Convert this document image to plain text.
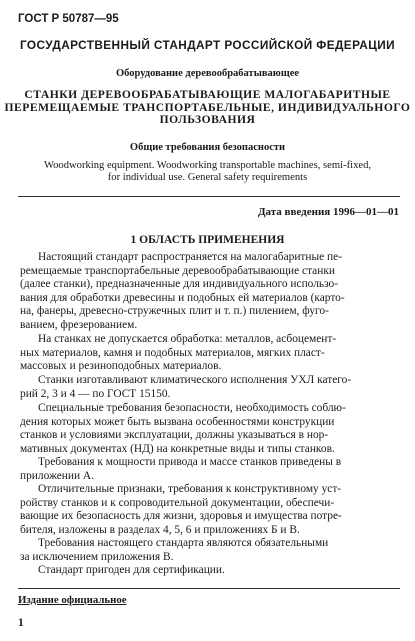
ГОСТ Р 50787—95
ГОСУДАРСТВЕННЫЙ СТАНДАРТ РОССИЙСКОЙ ФЕДЕРАЦИИ
Оборудование деревообрабатывающее
СТАНКИ ДЕРЕВООБРАБАТЫВАЮЩИЕ МАЛОГАБАРИТНЫЕ
ПЕРЕМЕЩАЕМЫЕ ТРАНСПОРТАБЕЛЬНЫЕ, ИНДИВИДУАЛЬНОГО
ПОЛЬЗОВАНИЯ
Общие требования безопасности
Woodworking equipment. Woodworking transportable machines, semi-fixed,
for individual use. General safety requirements
Дата введения 1996—01—01
1 ОБЛАСТЬ ПРИМЕНЕНИЯ
Настоящий стандарт распространяется на малогабаритные пе-
ремещаемые транспортабельные деревообрабатывающие станки
(далее станки), предназначенные для индивидуального использо-
вания для обработки древесины и подобных ей материалов (карто-
на, фанеры, древесно-стружечных плит и т. п.) пилением, фуго-
ванием, фрезерованием.
На станках не допускается обработка: металлов, асбоцемент-
ных материалов, камня и подобных материалов, мягких пласт-
массовых и резиноподобных материалов.
Станки изготавливают климатического исполнения УХЛ катего-
рий 2, 3 и 4 — по ГОСТ 15150.
Специальные требования безопасности, необходимость соблю-
дения которых может быть вызвана особенностями конструкции
станков и условиями эксплуатации, должны указываться в нор-
мативных документах (НД) на конкретные виды и типы станков.
Требования к мощности привода и массе станков приведены в
приложении А.
Отличительные признаки, требования к конструктивному уст-
ройству станков и к сопроводительной документации, обеспечи-
вающие их безопасность для жизни, здоровья и имущества потре-
бителя, изложены в разделах 4, 5, 6 и приложениях Б и В.
Требования настоящего стандарта являются обязательными
за исключением приложения В.
Стандарт пригоден для сертификации.
Издание официальное
1
